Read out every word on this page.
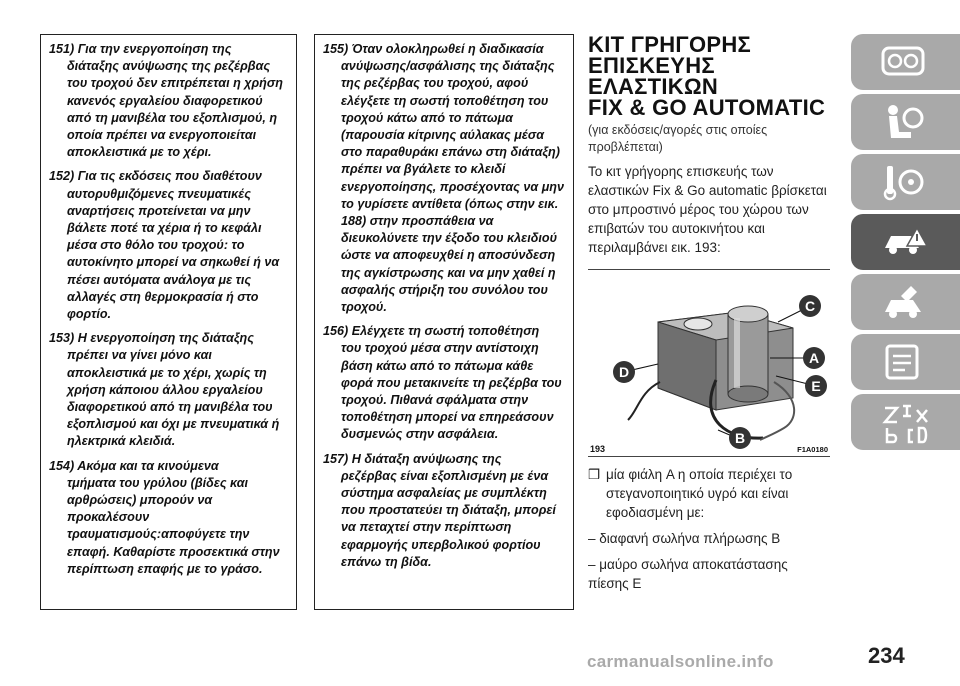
151) Για την ενεργοποίηση της
διάταξης ανύψωσης της ρεζέρβας του τροχού δεν επιτρέπεται η χρήση κανενός εργαλείου διαφορετικού από τη μανιβέλα του εξοπλισμού, η οποία πρέπει να ενεργοποιείται αποκλειστικά με το χέρι.
152) Για τις εκδόσεις που διαθέτουν
αυτορυθμιζόμενες πνευματικές αναρτήσεις προτείνεται να μην βάλετε ποτέ τα χέρια ή το κεφάλι μέσα στο θόλο του τροχού: το αυτοκίνητο μπορεί να σηκωθεί ή να πέσει αυτόματα ανάλογα με τις αλλαγές στη θερμοκρασία ή στο φορτίο.
153) Η ενεργοποίηση της διάταξης
πρέπει να γίνει μόνο και αποκλειστικά με το χέρι, χωρίς τη χρήση κάποιου άλλου εργαλείου διαφορετικού από τη μανιβέλα του εξοπλισμού και όχι με πνευματικά ή ηλεκτρικά κλειδιά.
154) Ακόμα και τα κινούμενα
τμήματα του γρύλου (βίδες και αρθρώσεις) μπορούν να προκαλέσουν τραυματισμούς:αποφύγετε την επαφή. Καθαρίστε προσεκτικά στην περίπτωση επαφής με το γράσο.
155) Όταν ολοκληρωθεί η διαδικασία
ανύψωσης/ασφάλισης της διάταξης της ρεζέρβας του τροχού, αφού ελέγξετε τη σωστή τοποθέτηση του τροχού κάτω από το πάτωμα (παρουσία κίτρινης αύλακας μέσα στο παραθυράκι επάνω στη διάταξη) πρέπει να βγάλετε το κλειδί ενεργοποίησης, προσέχοντας να μην το γυρίσετε αντίθετα (όπως στην εικ. 188) στην προσπάθεια να διευκολύνετε την έξοδο του κλειδιού ώστε να αποφευχθεί η αποσύνδεση της αγκίστρωσης και να μην χαθεί η ασφαλής στήριξη του συνόλου του τροχού.
156) Ελέγχετε τη σωστή τοποθέτηση
του τροχού μέσα στην αντίστοιχη βάση κάτω από το πάτωμα κάθε φορά που μετακινείτε τη ρεζέρβα του τροχού. Πιθανά σφάλματα στην τοποθέτηση μπορεί να επηρεάσουν δυσμενώς στην ασφάλεια.
157) Η διάταξη ανύψωσης της
ρεζέρβας είναι εξοπλισμένη με ένα σύστημα ασφαλείας με συμπλέκτη που προστατεύει τη διάταξη, μπορεί να πεταχτεί στην περίπτωση εφαρμογής υπερβολικού φορτίου επάνω τη βίδα.
ΚΙΤ ΓΡΗΓΟΡΗΣ
ΕΠΙΣΚΕΥΗΣ ΕΛΑΣΤΙΚΩΝ
FIX & GO AUTOMATIC
(για εκδόσεις/αγορές στις οποίες προβλέπεται)
Το κιτ γρήγορης επισκευής των ελαστικών Fix & Go automatic βρίσκεται στο μπροστινό μέρος του χώρου των επιβατών του αυτοκινήτου και περιλαμβάνει εικ. 193:
C
A
E
D
B
193	F1A0180
❒ μία φιάλη A η οποία περιέχει το στεγανοποιητικό υγρό και είναι εφοδιασμένη με:
– διαφανή σωλήνα πλήρωσης B
– μαύρο σωλήνα αποκατάστασης πίεσης E
234
carmanualsonline.info
